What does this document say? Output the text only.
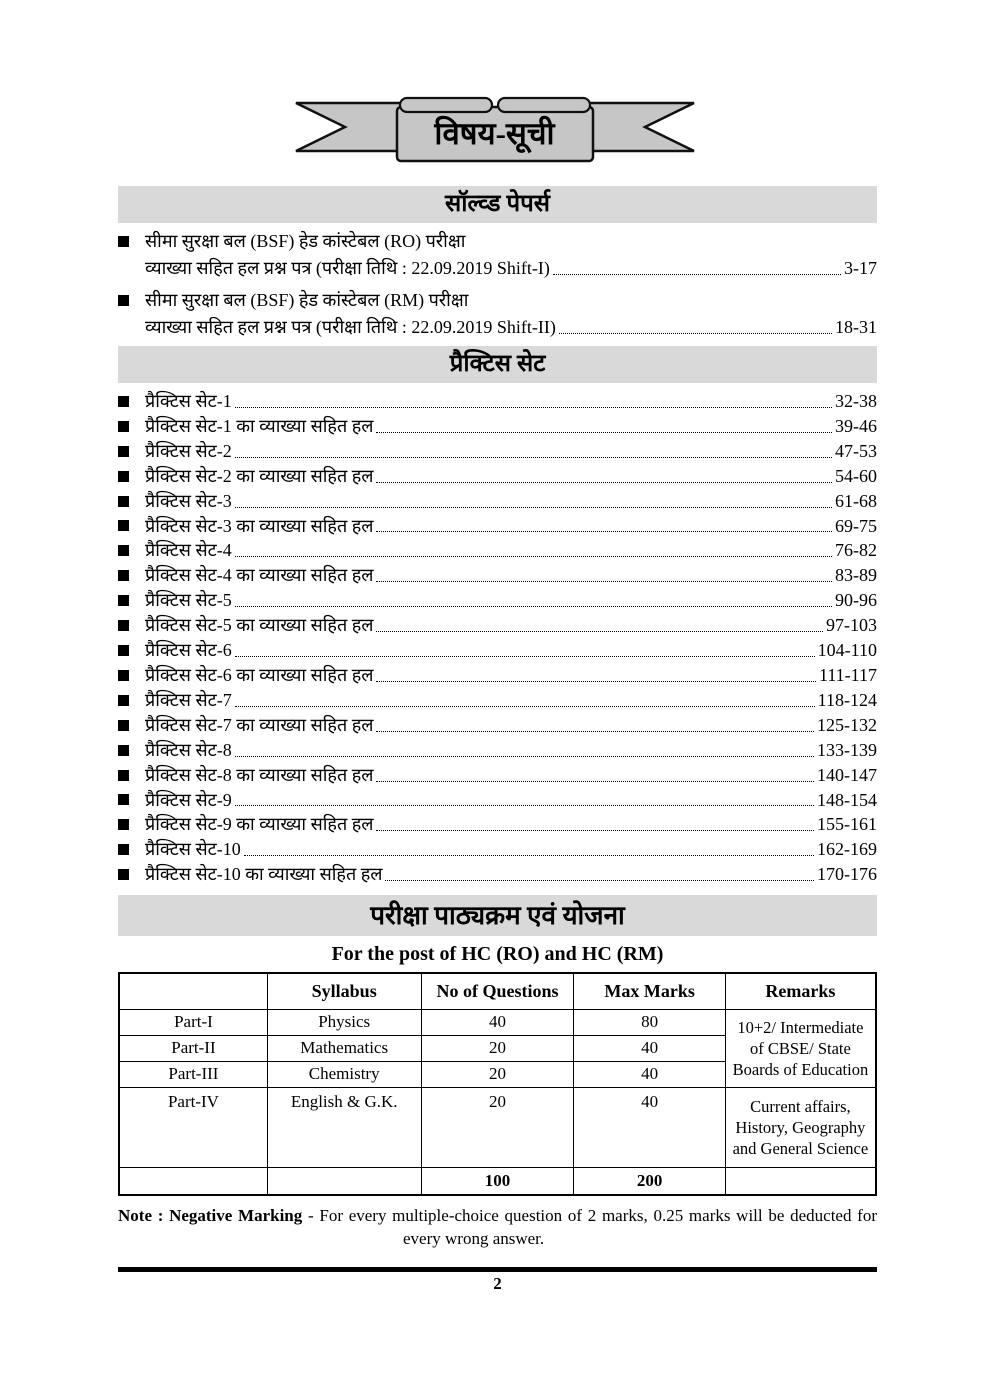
विषय-सूची
सॉल्व्ड पेपर्स
सीमा सुरक्षा बल (BSF) हेड कांस्टेबल (RO) परीक्षा
व्याख्या सहित हल प्रश्न पत्र (परीक्षा तिथि : 22.09.2019 Shift-I)	3-17
सीमा सुरक्षा बल (BSF) हेड कांस्टेबल (RM) परीक्षा
व्याख्या सहित हल प्रश्न पत्र (परीक्षा तिथि : 22.09.2019 Shift-II)	18-31
प्रैक्टिस सेट
प्रैक्टिस सेट-1	32-38
प्रैक्टिस सेट-1 का व्याख्या सहित हल	39-46
प्रैक्टिस सेट-2	47-53
प्रैक्टिस सेट-2 का व्याख्या सहित हल	54-60
प्रैक्टिस सेट-3	61-68
प्रैक्टिस सेट-3 का व्याख्या सहित हल	69-75
प्रैक्टिस सेट-4	76-82
प्रैक्टिस सेट-4 का व्याख्या सहित हल	83-89
प्रैक्टिस सेट-5	90-96
प्रैक्टिस सेट-5 का व्याख्या सहित हल	97-103
प्रैक्टिस सेट-6	104-110
प्रैक्टिस सेट-6 का व्याख्या सहित हल	111-117
प्रैक्टिस सेट-7	118-124
प्रैक्टिस सेट-7 का व्याख्या सहित हल	125-132
प्रैक्टिस सेट-8	133-139
प्रैक्टिस सेट-8 का व्याख्या सहित हल	140-147
प्रैक्टिस सेट-9	148-154
प्रैक्टिस सेट-9 का व्याख्या सहित हल	155-161
प्रैक्टिस सेट-10	162-169
प्रैक्टिस सेट-10 का व्याख्या सहित हल	170-176
परीक्षा पाठ्यक्रम एवं योजना
For the post of HC (RO) and HC (RM)
	Syllabus	No of Questions	Max Marks	Remarks
Part-I	Physics	40	80	10+2/ Intermediate of CBSE/ State Boards of Education
Part-II	Mathematics	20	40	
Part-III	Chemistry	20	40	
Part-IV	English & G.K.	20	40	Current affairs, History, Geography and General Science
		100	200	

Note : Negative Marking - For every multiple-choice question of 2 marks, 0.25 marks will be deducted for every wrong answer.

2
